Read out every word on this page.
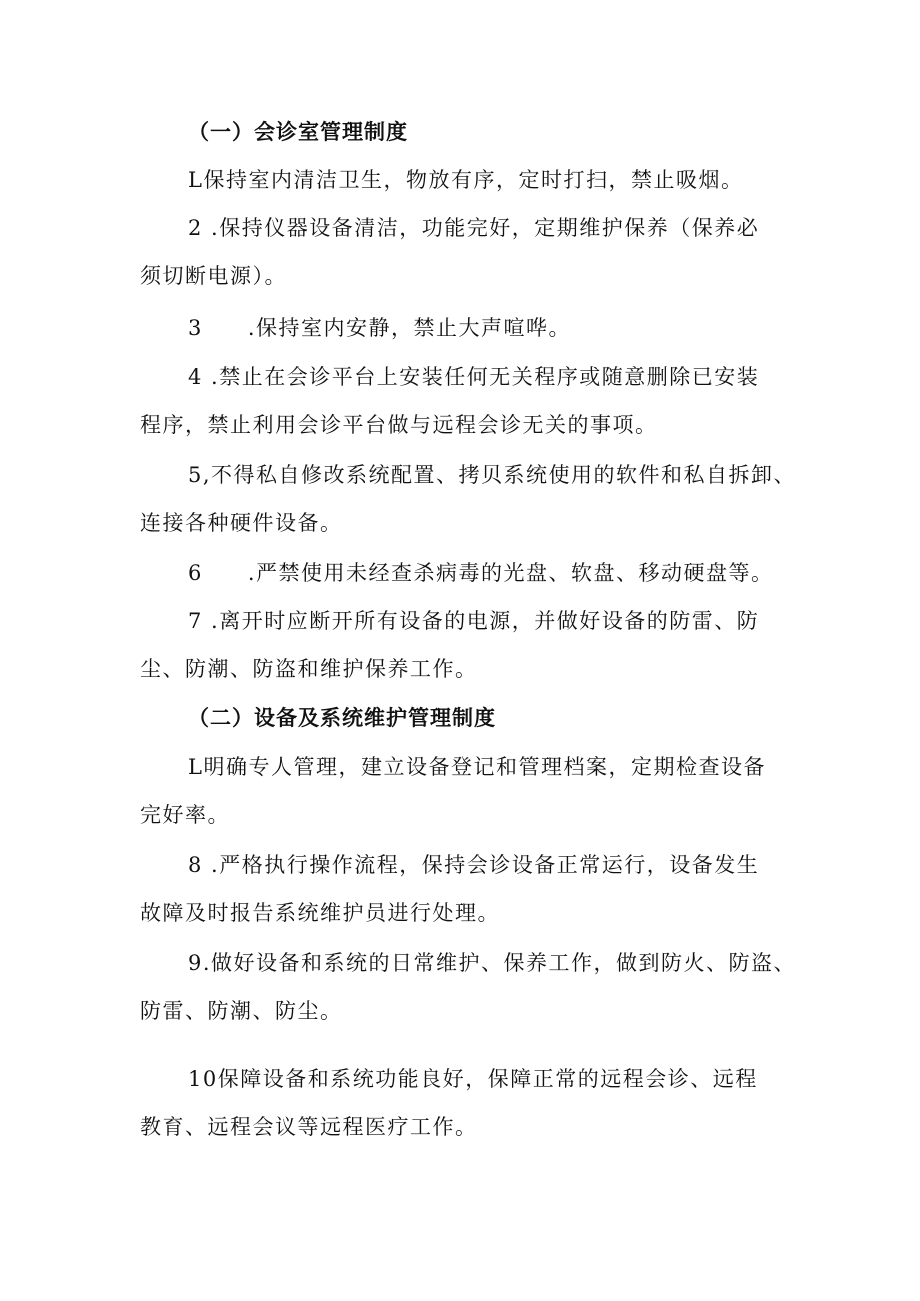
（一）会诊室管理制度
L保持室内清洁卫生，物放有序，定时打扫，禁止吸烟。
2 .保持仪器设备清洁，功能完好，定期维护保养（保养必
须切断电源）。
3　　.保持室内安静，禁止大声喧哗。
4 .禁止在会诊平台上安装任何无关程序或随意删除已安装
程序，禁止利用会诊平台做与远程会诊无关的事项。
5,不得私自修改系统配置、拷贝系统使用的软件和私自拆卸、
连接各种硬件设备。
6　　.严禁使用未经查杀病毒的光盘、软盘、移动硬盘等。
7 .离开时应断开所有设备的电源，并做好设备的防雷、防
尘、防潮、防盗和维护保养工作。
（二）设备及系统维护管理制度
L明确专人管理，建立设备登记和管理档案，定期检查设备
完好率。
8 .严格执行操作流程，保持会诊设备正常运行，设备发生
故障及时报告系统维护员进行处理。
9.做好设备和系统的日常维护、保养工作，做到防火、防盗、
防雷、防潮、防尘。
10保障设备和系统功能良好，保障正常的远程会诊、远程
教育、远程会议等远程医疗工作。
